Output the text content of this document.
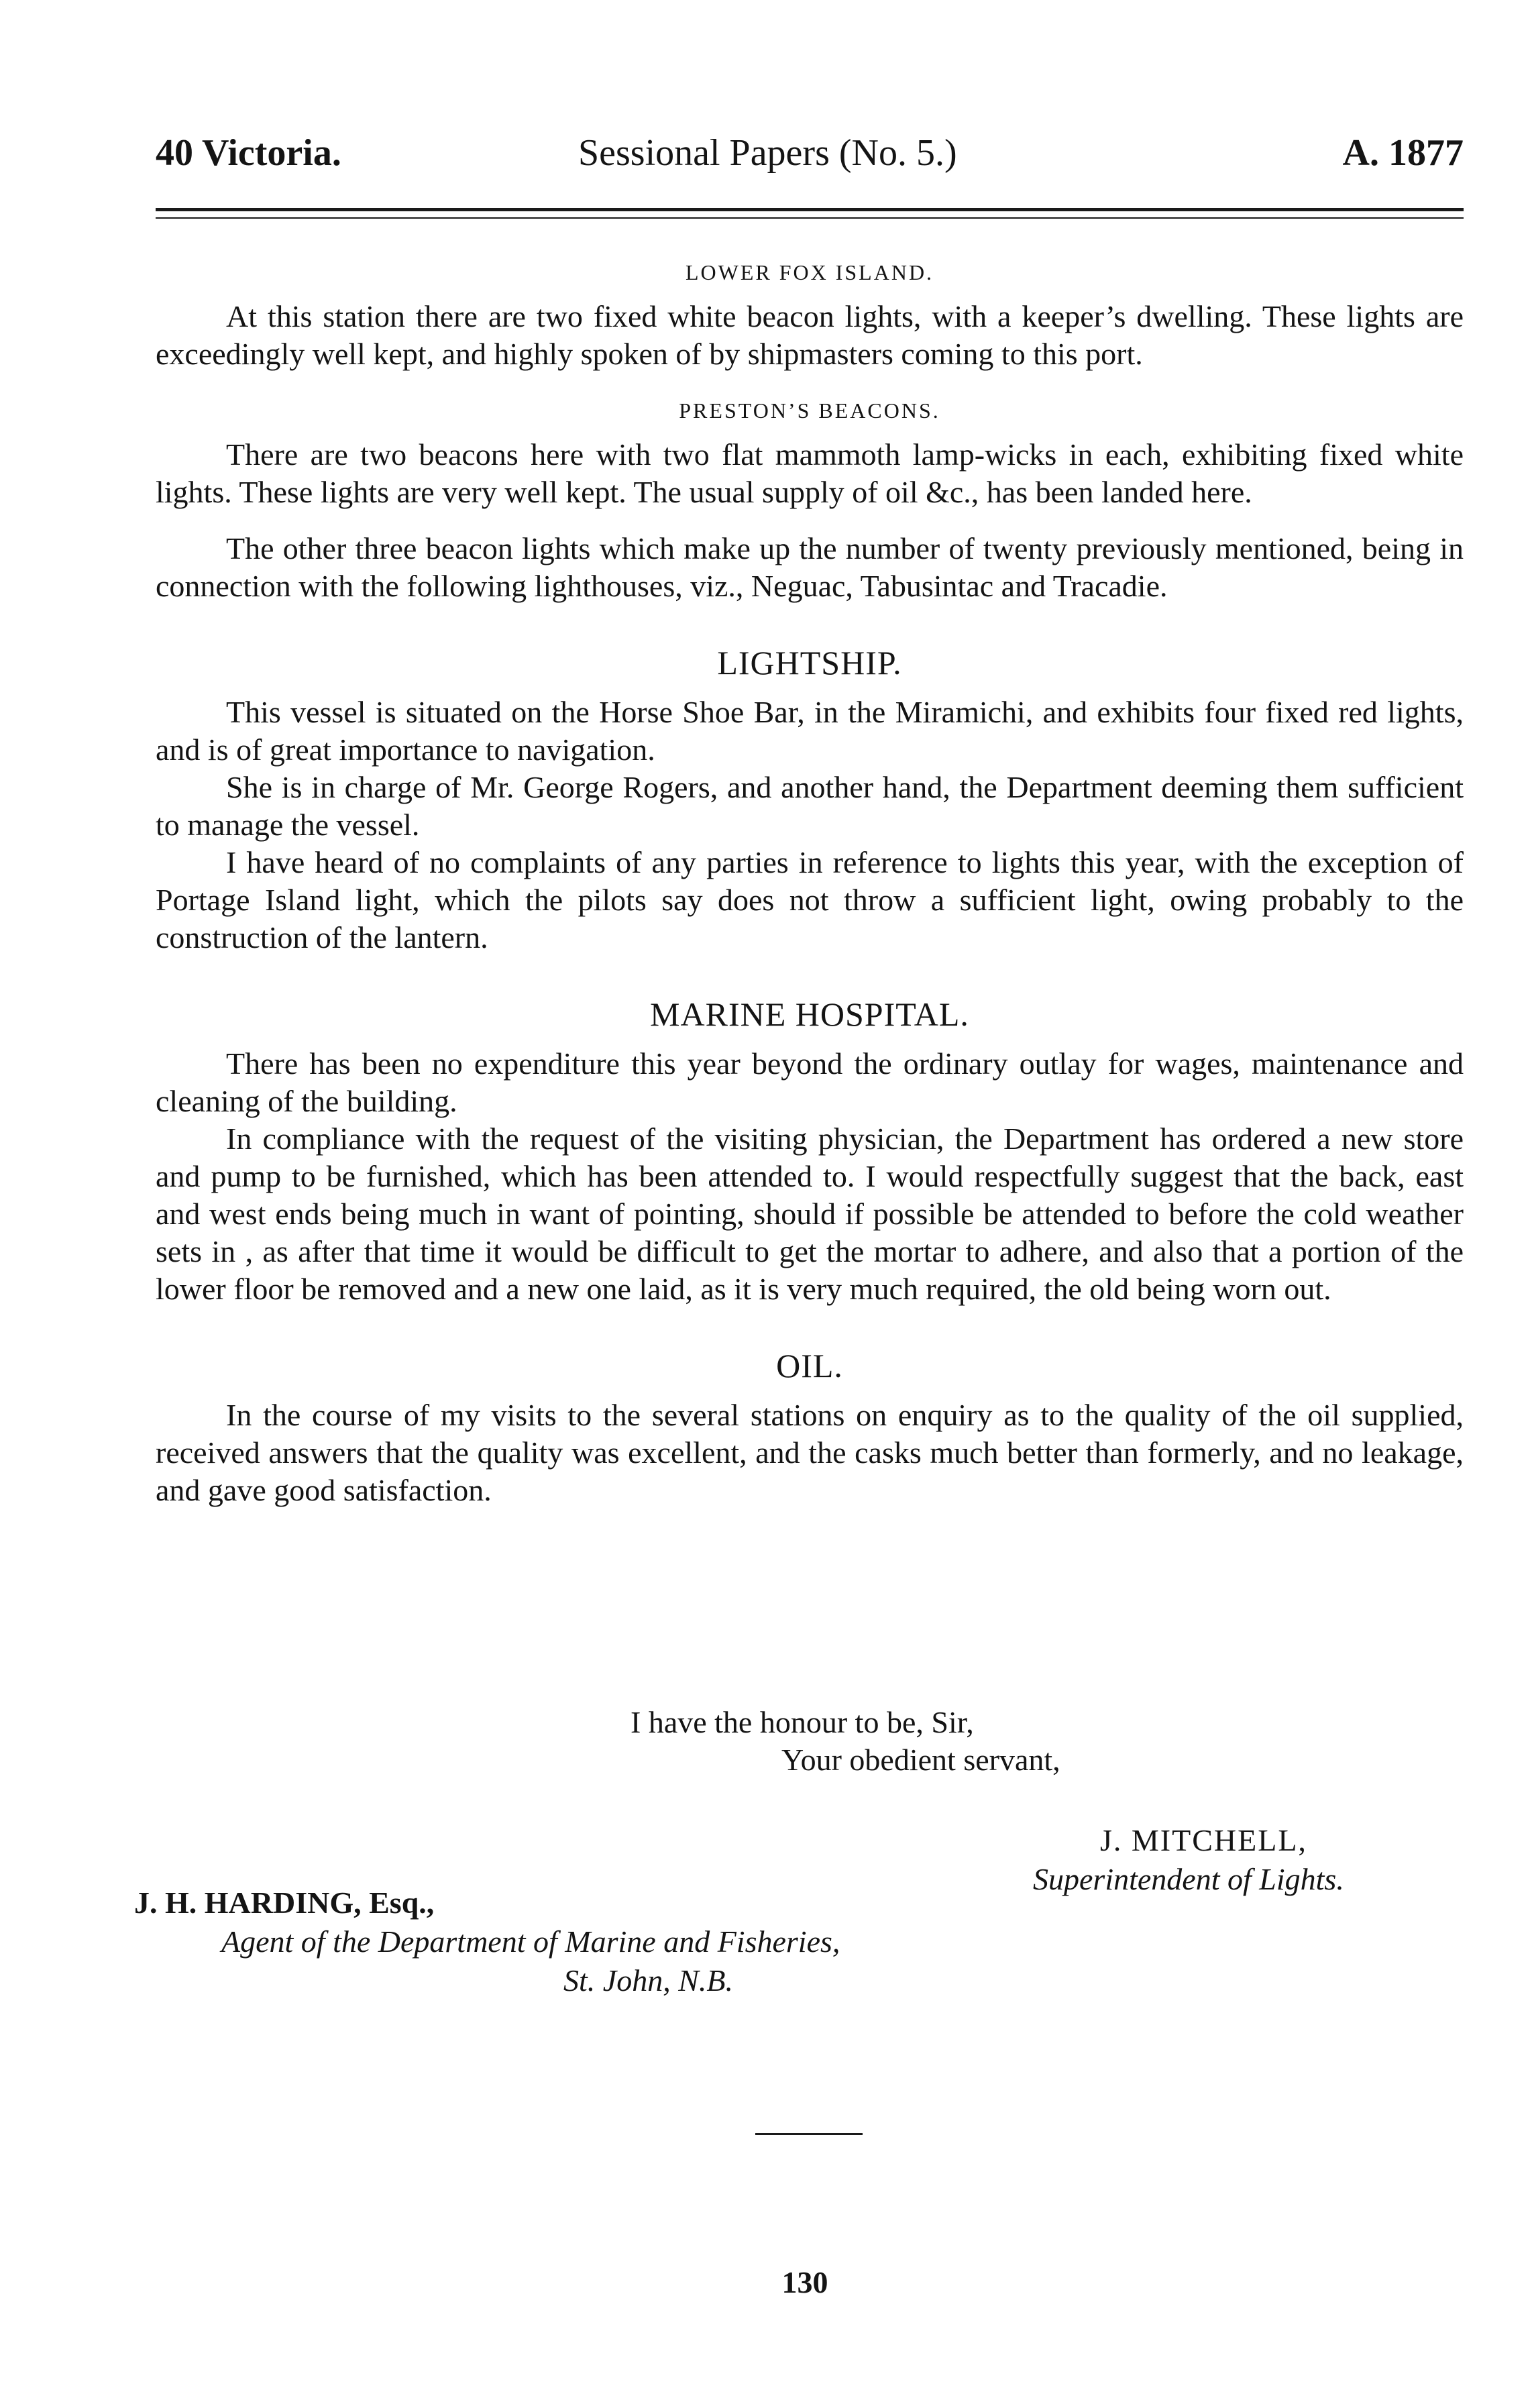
40 Victoria.	Sessional Papers (No. 5.)	A. 1877
LOWER FOX ISLAND.

At this station there are two fixed white beacon lights, with a keeper’s dwelling. These lights are exceedingly well kept, and highly spoken of by shipmasters coming to this port.

PRESTON’S BEACONS.

There are two beacons here with two flat mammoth lamp-wicks in each, exhibiting fixed white lights. These lights are very well kept. The usual supply of oil &c., has been landed here.

The other three beacon lights which make up the number of twenty previously mentioned, being in connection with the following lighthouses, viz., Neguac, Tabusintac and Tracadie.

LIGHTSHIP.

This vessel is situated on the Horse Shoe Bar, in the Miramichi, and exhibits four fixed red lights, and is of great importance to navigation.

She is in charge of Mr. George Rogers, and another hand, the Department deeming them sufficient to manage the vessel.

I have heard of no complaints of any parties in reference to lights this year, with the exception of Portage Island light, which the pilots say does not throw a sufficient light, owing probably to the construction of the lantern.

MARINE HOSPITAL.

There has been no expenditure this year beyond the ordinary outlay for wages, maintenance and cleaning of the building.

In compliance with the request of the visiting physician, the Department has ordered a new store and pump to be furnished, which has been attended to. I would respectfully suggest that the back, east and west ends being much in want of pointing, should if possible be attended to before the cold weather sets in , as after that time it would be difficult to get the mortar to adhere, and also that a portion of the lower floor be removed and a new one laid, as it is very much required, the old being worn out.

OIL.

In the course of my visits to the several stations on enquiry as to the quality of the oil supplied, received answers that the quality was excellent, and the casks much better than formerly, and no leakage, and gave good satisfaction.

I have the honour to be, Sir,
Your obedient servant,
J. MITCHELL,
Superintendent of Lights.
J. H. HARDING, Esq.,
Agent of the Department of Marine and Fisheries,
St. John, N.B.
130
